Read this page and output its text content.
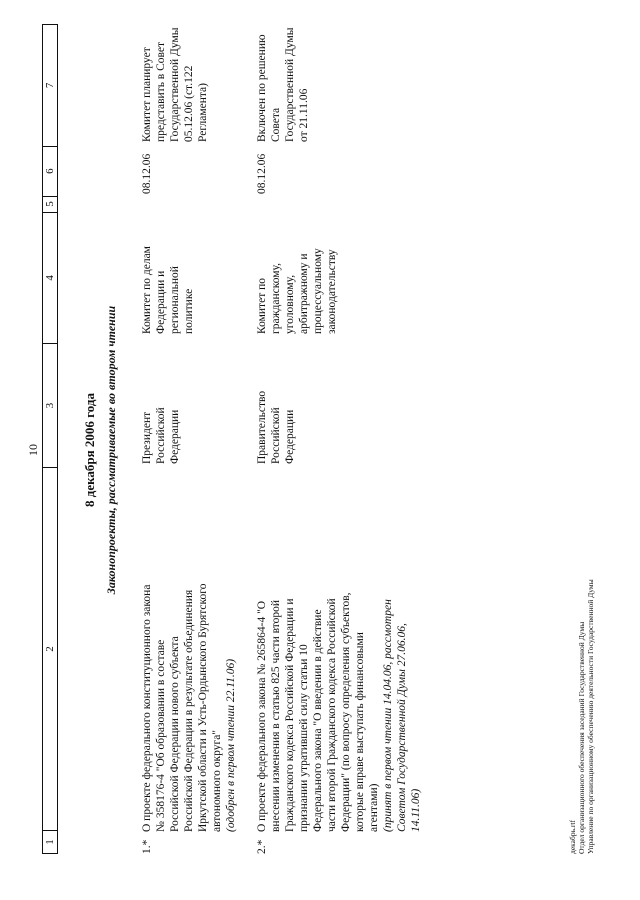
10
1
2
3
4
5
6
7
8 декабря 2006 года Законопроекты, рассматриваемые во втором чтении
1.*
О проекте федерального конституционного закона № 358176-4 "Об образовании в составе Российской Федерации нового субъекта Российской Федерации в результате объединения Иркутской области и Усть-Ордынского Бурятского автономного округа" (одобрен в первом чтении 22.11.06)
Президент Российской Федерации
Комитет по делам Федерации и региональной политике
08.12.06
Комитет планирует представить в Совет Государственной Думы 05.12.06 (ст.122 Регламента)
2.*
О проекте федерального закона № 265864-4 "О внесении изменения в статью 825 части второй Гражданского кодекса Российской Федерации и признании утратившей силу статьи 10 Федерального закона "О введении в действие части второй Гражданского кодекса Российской Федерации" (по вопросу определения субъектов, которые вправе выступать финансовыми агентами) (принят в первом чтении 14.04.06, рассмотрен Советом Государственной Думы 27.06.06, 14.11.06)
Правительство Российской Федерации
Комитет по гражданскому, уголовному, арбитражному и процессуальному законодательству
08.12.06
Включен по решению Совета Государственной Думы от 21.11.06
декабрь.rtf Отдел организационного обеспечения заседаний Государственной Думы Управление по организационному обеспечению деятельности Государственной Думы
